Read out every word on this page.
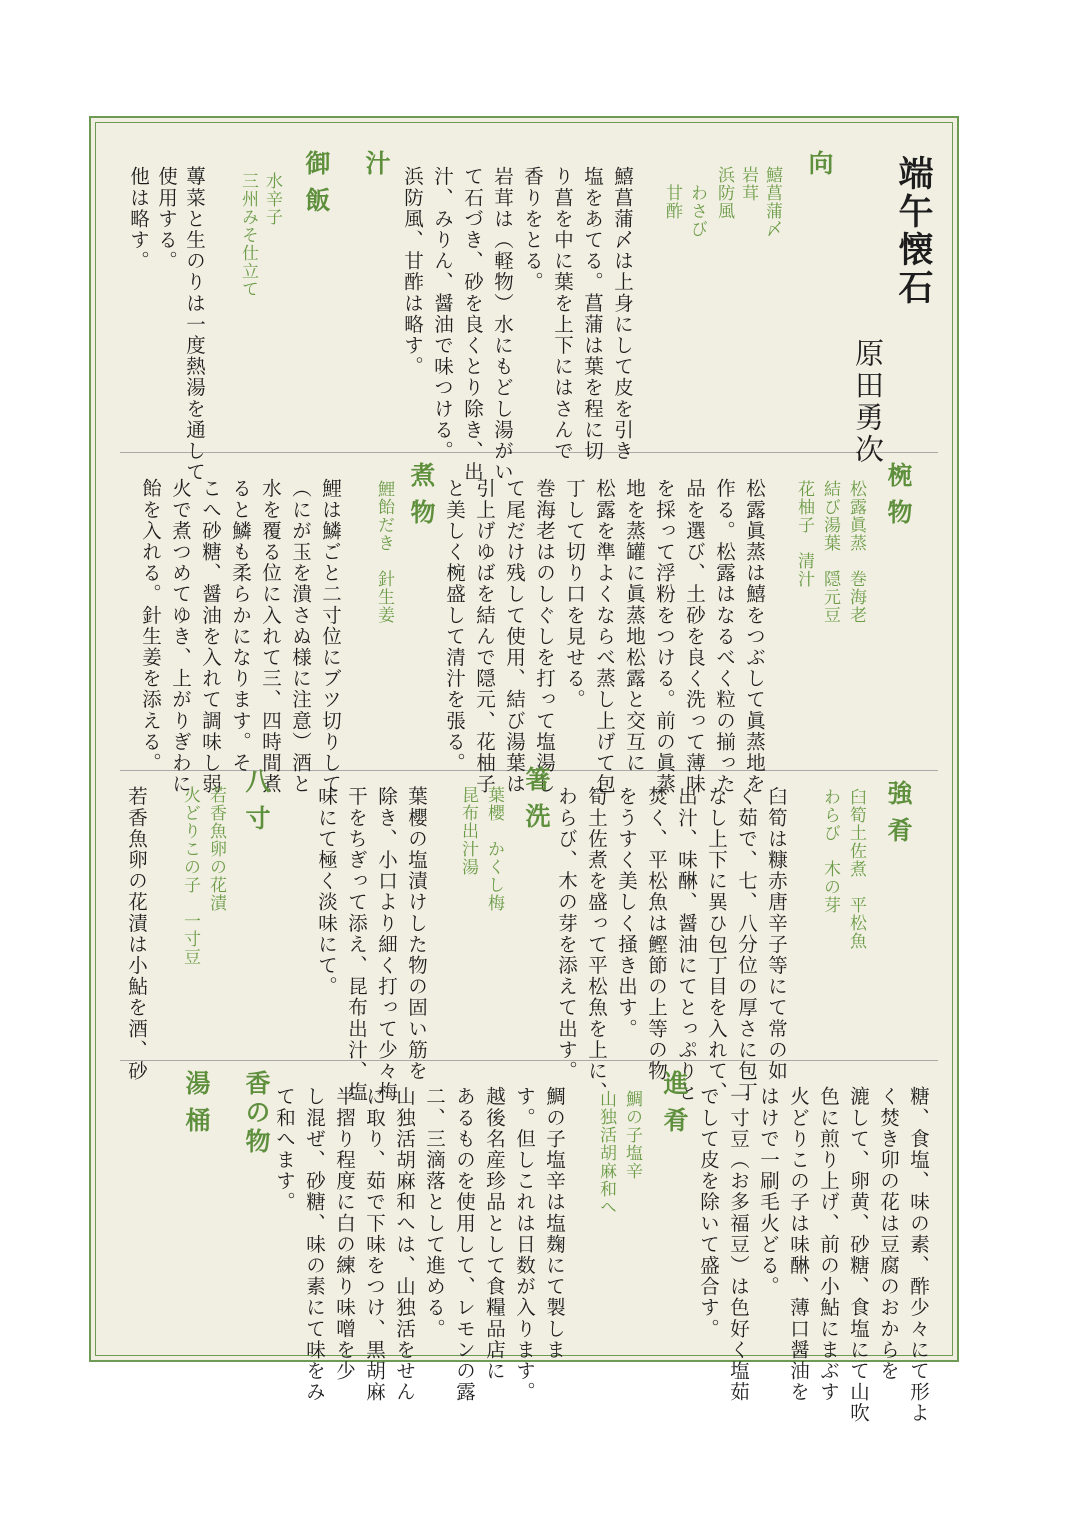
端午懐石
原田勇次
向
鱚菖蒲〆
岩茸
浜防風
　わさび
　甘酢
鱚菖蒲〆は上身にして皮を引き
塩をあてる。菖蒲は葉を程に切
り菖を中に葉を上下にはさんで
香りをとる。
岩茸は（軽物）水にもどし湯がい
て石づき、砂を良くとり除き、出
汁、みりん、醤油で味つける。
浜防風、甘酢は略す。
汁
水辛子
三州みそ仕立て 御飯
蓴菜と生のりは一度熱湯を通して
使用する。
他は略す。
椀物
松露眞蒸　巻海老
結び湯葉　隠元豆
花柚子　清汁
松露眞蒸は鱚をつぶして眞蒸地を
作る。松露はなるべく粒の揃った
品を選び、土砂を良く洗って薄味
を採って浮粉をつける。前の眞蒸
地を蒸罐に眞蒸地松露と交互に
松露を準よくならべ蒸し上げて包
丁して切り口を見せる。
巻海老はのしぐしを打って塩湯し
て尾だけ残して使用、結び湯葉は
引上げゆばを結んで隠元、花柚子
と美しく椀盛して清汁を張る。
煮物
鯉飴だき　針生姜
鯉は鱗ごと二寸位にブツ切りして
（にが玉を潰さぬ様に注意）酒と
水を覆る位に入れて三、四時間煮
ると鱗も柔らかになります。そ
こへ砂糖、醤油を入れて調味し弱
火で煮つめてゆき、上がりぎわに
飴を入れる。針生姜を添える。
強肴
臼筍土佐煮　平松魚
わらび　木の芽
臼筍は糠赤唐辛子等にて常の如
く茹で、七、八分位の厚さに包丁
なし上下に異ひ包丁目を入れて、
出汁、味醂、醤油にてとっぷりと
焚く、平松魚は鰹節の上等の物
をうすく美しく掻き出す。
筍土佐煮を盛って平松魚を上に、
わらび、木の芽を添えて出す。
箸洗
葉櫻　かくし梅
昆布出汁湯
葉櫻の塩漬けした物の固い筋を
除き、小口より細く打って少々梅
干をちぎって添え、昆布出汁、塩
味にて極く淡味にて。
八寸
若香魚卵の花漬
火どりこの子　一寸豆
若香魚卵の花漬は小鮎を酒、砂
糖、食塩、味の素、酢少々にて形よ
く焚き卯の花は豆腐のおからを
漉して、卵黄、砂糖、食塩にて山吹
色に煎り上げ、前の小鮎にまぶす
火どりこの子は味醂、薄口醤油を
はけで一刷毛火どる。
一寸豆（お多福豆）は色好く塩茹
でして皮を除いて盛合す。
進肴
鯛の子塩辛
山独活胡麻和へ
鯛の子塩辛は塩麹にて製しま
す。但しこれは日数が入ります。
越後名産珍品として食糧品店に
あるものを使用して、レモンの露
二、三滴落として進める。
山独活胡麻和へは、山独活をせん
に取り、茹で下味をつけ、黒胡麻
半摺り程度に白の練り味噌を少
し混ぜ、砂糖、味の素にて味をみ
て和へます。
香の物
湯桶
